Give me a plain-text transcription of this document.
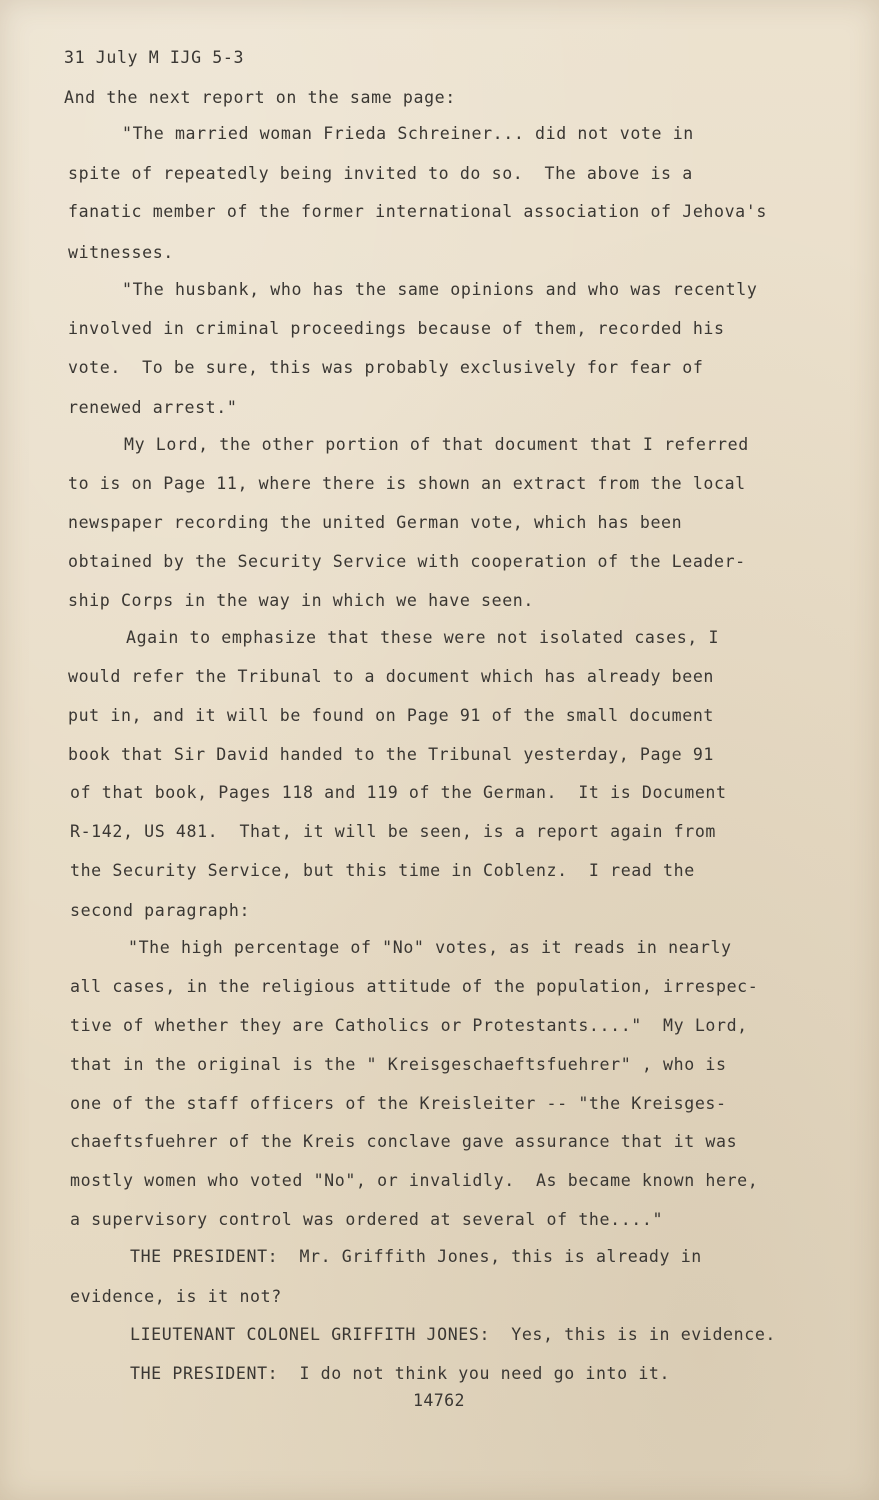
31 July M IJG 5-3

And the next report on the same page:

"The married woman Frieda Schreiner... did not vote in

spite of repeatedly being invited to do so.  The above is a

fanatic member of the former international association of Jehova's

witnesses.

"The husbank, who has the same opinions and who was recently

involved in criminal proceedings because of them, recorded his

vote.  To be sure, this was probably exclusively for fear of

renewed arrest."

My Lord, the other portion of that document that I referred

to is on Page 11, where there is shown an extract from the local

newspaper recording the united German vote, which has been

obtained by the Security Service with cooperation of the Leader-

ship Corps in the way in which we have seen.

Again to emphasize that these were not isolated cases, I

would refer the Tribunal to a document which has already been

put in, and it will be found on Page 91 of the small document

book that Sir David handed to the Tribunal yesterday, Page 91

of that book, Pages 118 and 119 of the German.  It is Document

R-142, US 481.  That, it will be seen, is a report again from

the Security Service, but this time in Coblenz.  I read the

second paragraph:

"The high percentage of "No" votes, as it reads in nearly

all cases, in the religious attitude of the population, irrespec-

tive of whether they are Catholics or Protestants...."  My Lord,

that in the original is the " Kreisgeschaeftsfuehrer" , who is

one of the staff officers of the Kreisleiter -- "the Kreisges-

chaeftsfuehrer of the Kreis conclave gave assurance that it was

mostly women who voted "No", or invalidly.  As became known here,

a supervisory control was ordered at several of the...."

THE PRESIDENT:  Mr. Griffith Jones, this is already in

evidence, is it not?

LIEUTENANT COLONEL GRIFFITH JONES:  Yes, this is in evidence.

THE PRESIDENT:  I do not think you need go into it.

14762
